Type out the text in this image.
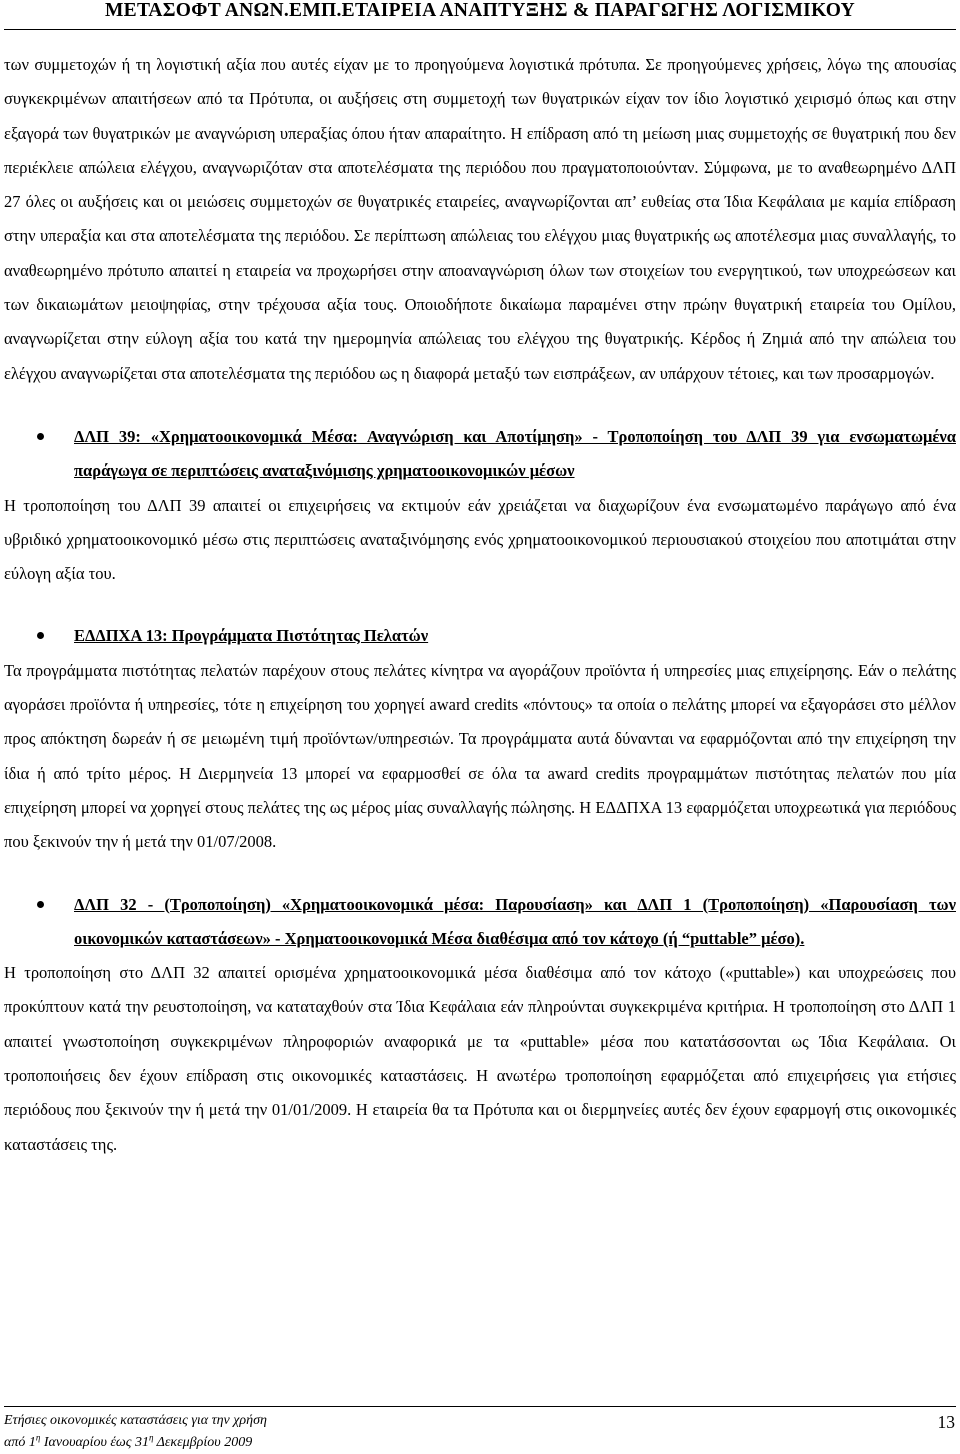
ΜΕΤΑΣΟΦΤ ΑΝΩΝ.ΕΜΠ.ΕΤΑΙΡΕΙΑ ΑΝΑΠΤΥΞΗΣ & ΠΑΡΑΓΩΓΗΣ ΛΟΓΙΣΜΙΚΟΥ

των συμμετοχών ή τη λογιστική αξία που αυτές είχαν με το προηγούμενα λογιστικά πρότυπα. Σε προηγούμενες χρήσεις, λόγω της απουσίας συγκεκριμένων απαιτήσεων από τα Πρότυπα, οι αυξήσεις στη συμμετοχή των θυγατρικών είχαν τον ίδιο λογιστικό χειρισμό όπως και στην εξαγορά των θυγατρικών με αναγνώριση υπεραξίας όπου ήταν απαραίτητο. Η επίδραση από τη μείωση μιας συμμετοχής σε θυγατρική που δεν περιέκλειε απώλεια ελέγχου, αναγνωριζόταν στα αποτελέσματα της περιόδου που πραγματοποιούνταν. Σύμφωνα, με το αναθεωρημένο ΔΛΠ 27 όλες οι αυξήσεις και οι μειώσεις συμμετοχών σε θυγατρικές εταιρείες, αναγνωρίζονται απ’ ευθείας στα Ίδια Κεφάλαια με καμία επίδραση στην υπεραξία και στα αποτελέσματα της περιόδου. Σε περίπτωση απώλειας του ελέγχου μιας θυγατρικής ως αποτέλεσμα μιας συναλλαγής, το αναθεωρημένο πρότυπο απαιτεί η εταιρεία να προχωρήσει στην αποαναγνώριση όλων των στοιχείων του ενεργητικού, των υποχρεώσεων και των δικαιωμάτων μειοψηφίας, στην τρέχουσα αξία τους. Οποιοδήποτε δικαίωμα παραμένει στην πρώην θυγατρική εταιρεία του Ομίλου, αναγνωρίζεται στην εύλογη αξία του κατά την ημερομηνία απώλειας του ελέγχου της θυγατρικής. Κέρδος ή Ζημιά από την απώλεια του ελέγχου αναγνωρίζεται στα αποτελέσματα της περιόδου ως η διαφορά μεταξύ των εισπράξεων, αν υπάρχουν τέτοιες, και των προσαρμογών.

ΔΛΠ 39: «Χρηματοοικονομικά Μέσα: Αναγνώριση και Αποτίμηση» - Τροποποίηση του ΔΛΠ 39 για ενσωματωμένα παράγωγα σε περιπτώσεις αναταξινόμισης χρηματοοικονομικών μέσων

Η τροποποίηση του ΔΛΠ 39 απαιτεί οι επιχειρήσεις να εκτιμούν εάν χρειάζεται να διαχωρίζουν ένα ενσωματωμένο παράγωγο από ένα υβριδικό χρηματοοικονομικό μέσω στις περιπτώσεις αναταξινόμησης ενός χρηματοοικονομικού περιουσιακού στοιχείου που αποτιμάται στην εύλογη αξία του.

ΕΔΔΠΧΑ 13: Προγράμματα Πιστότητας Πελατών

Τα προγράμματα πιστότητας πελατών παρέχουν στους πελάτες κίνητρα να αγοράζουν προϊόντα ή υπηρεσίες μιας επιχείρησης. Εάν ο πελάτης αγοράσει προϊόντα ή υπηρεσίες, τότε η επιχείρηση του χορηγεί award credits «πόντους» τα οποία ο πελάτης μπορεί να εξαγοράσει στο μέλλον προς απόκτηση δωρεάν ή σε μειωμένη τιμή προϊόντων/υπηρεσιών. Τα προγράμματα αυτά δύνανται να εφαρμόζονται από την επιχείρηση την ίδια ή από τρίτο μέρος. Η Διερμηνεία 13 μπορεί να εφαρμοσθεί σε όλα τα award credits προγραμμάτων πιστότητας πελατών που μία επιχείρηση μπορεί να χορηγεί στους πελάτες της ως μέρος μίας συναλλαγής πώλησης. Η ΕΔΔΠΧΑ 13 εφαρμόζεται υποχρεωτικά για περιόδους που ξεκινούν την ή μετά την 01/07/2008.

ΔΛΠ 32 - (Τροποποίηση) «Χρηματοοικονομικά μέσα: Παρουσίαση» και ΔΛΠ 1 (Τροποποίηση) «Παρουσίαση των οικονομικών καταστάσεων» - Χρηματοοικονομικά Μέσα διαθέσιμα από τον κάτοχο (ή “puttable” μέσο).

Η τροποποίηση στο ΔΛΠ 32 απαιτεί ορισμένα χρηματοοικονομικά μέσα διαθέσιμα από τον κάτοχο («puttable») και υποχρεώσεις που προκύπτουν κατά την ρευστοποίηση, να καταταχθούν στα Ίδια Κεφάλαια εάν πληρούνται συγκεκριμένα κριτήρια. Η τροποποίηση στο ΔΛΠ 1 απαιτεί γνωστοποίηση συγκεκριμένων πληροφοριών αναφορικά με τα «puttable» μέσα που κατατάσσονται ως Ίδια Κεφάλαια. Οι τροποποιήσεις δεν έχουν επίδραση στις οικονομικές καταστάσεις. Η ανωτέρω τροποποίηση εφαρμόζεται από επιχειρήσεις για ετήσιες περιόδους που ξεκινούν την ή μετά την 01/01/2009. Η εταιρεία θα τα Πρότυπα και οι διερμηνείες αυτές δεν έχουν εφαρμογή στις οικονομικές καταστάσεις της.

Ετήσιες οικονομικές καταστάσεις για την χρήση
από $1^\eta$ Ιανουαρίου έως $31^\eta$ Δεκεμβρίου 2009
13
